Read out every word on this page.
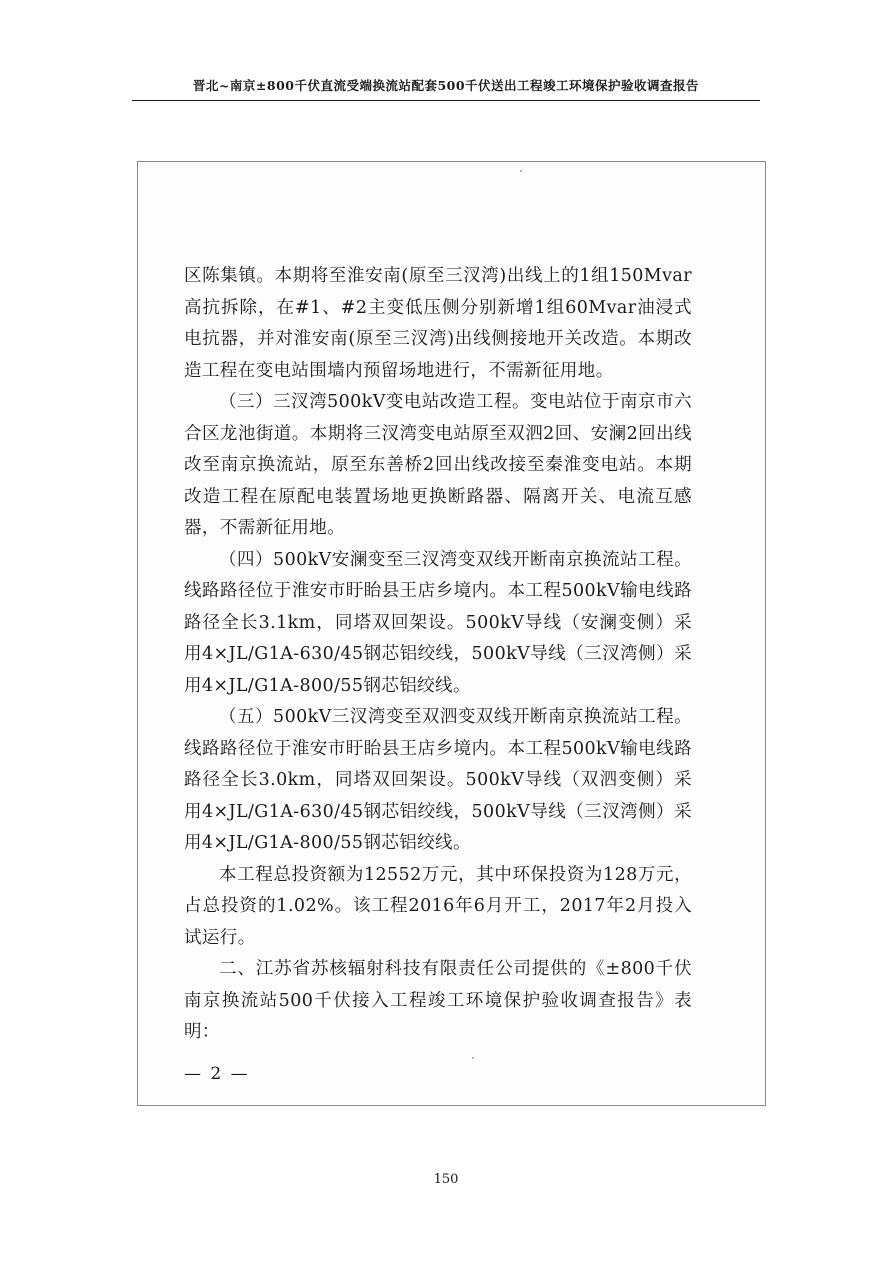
晋北~南京±800千伏直流受端换流站配套500千伏送出工程竣工环境保护验收调查报告

区陈集镇。本期将至淮安南(原至三汊湾)出线上的1组150Mvar高抗拆除，在#1、#2主变低压侧分别新增1组60Mvar油浸式电抗器，并对淮安南(原至三汊湾)出线侧接地开关改造。本期改造工程在变电站围墙内预留场地进行，不需新征用地。

（三）三汊湾500kV变电站改造工程。变电站位于南京市六合区龙池街道。本期将三汊湾变电站原至双泗2回、安澜2回出线改至南京换流站，原至东善桥2回出线改接至秦淮变电站。本期改造工程在原配电装置场地更换断路器、隔离开关、电流互感器，不需新征用地。

（四）500kV安澜变至三汊湾变双线开断南京换流站工程。线路路径位于淮安市盱眙县王店乡境内。本工程500kV输电线路路径全长3.1km，同塔双回架设。500kV导线（安澜变侧）采用4×JL/G1A-630/45钢芯铝绞线，500kV导线（三汊湾侧）采用4×JL/G1A-800/55钢芯铝绞线。

（五）500kV三汊湾变至双泗变双线开断南京换流站工程。线路路径位于淮安市盱眙县王店乡境内。本工程500kV输电线路路径全长3.0km，同塔双回架设。500kV导线（双泗变侧）采用4×JL/G1A-630/45钢芯铝绞线，500kV导线（三汊湾侧）采用4×JL/G1A-800/55钢芯铝绞线。

本工程总投资额为12552万元，其中环保投资为128万元，占总投资的1.02%。该工程2016年6月开工，2017年2月投入试运行。

二、江苏省苏核辐射科技有限责任公司提供的《±800千伏南京换流站500千伏接入工程竣工环境保护验收调查报告》表明：

— 2 —
150
